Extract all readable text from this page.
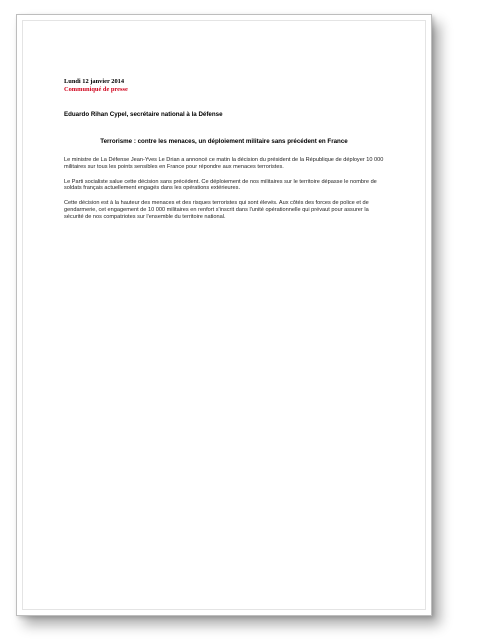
Lundi 12 janvier 2014

Communiqué de presse

Eduardo Rihan Cypel, secrétaire national à la Défense

Terrorisme : contre les menaces, un déploiement militaire sans précédent en France

Le ministre de La Défense Jean-Yves Le Drian a annoncé ce matin la décision du président de la République de déployer 10 000 militaires sur tous les points sensibles en France pour répondre aux menaces terroristes.

Le Parti socialiste salue cette décision sans précédent. Ce déploiement de nos militaires sur le territoire dépasse le nombre de soldats français actuellement engagés dans les opérations extérieures.

Cette décision est à la hauteur des menaces et des risques terroristes qui sont élevés. Aux côtés des forces de police et de gendarmerie, cet engagement de 10 000 militaires en renfort s'inscrit dans l'unité opérationnelle qui prévaut pour assurer la sécurité de nos compatriotes sur l'ensemble du territoire national.
